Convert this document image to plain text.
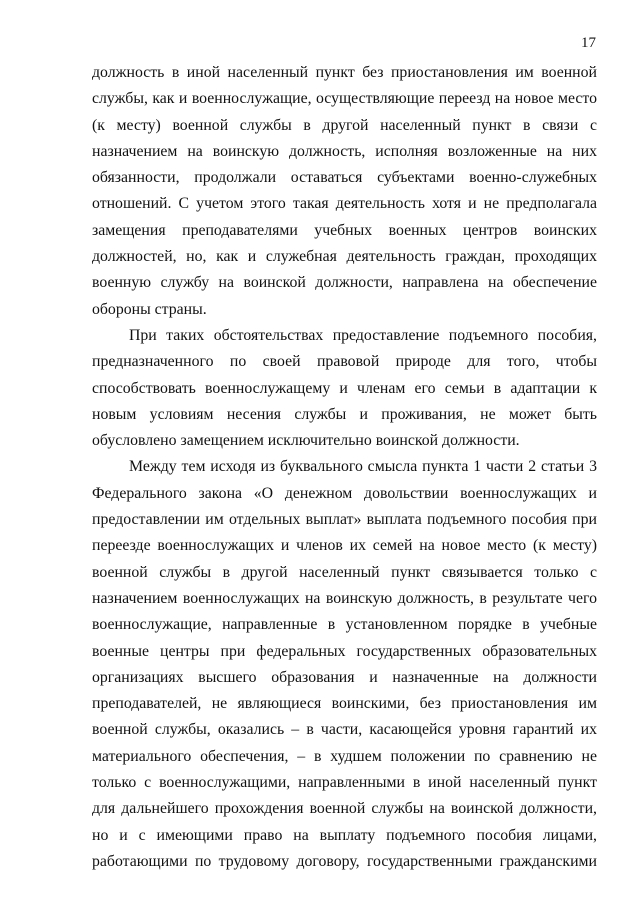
17
должность в иной населенный пункт без приостановления им военной
службы, как и военнослужащие, осуществляющие переезд на новое место
(к месту) военной службы в другой населенный пункт в связи с
назначением на воинскую должность, исполняя возложенные на них
обязанности, продолжали оставаться субъектами военно-служебных
отношений. С учетом этого такая деятельность хотя и не предполагала
замещения преподавателями учебных военных центров воинских
должностей, но, как и служебная деятельность граждан, проходящих
военную службу на воинской должности, направлена на обеспечение
обороны страны.
При таких обстоятельствах предоставление подъемного пособия,
предназначенного по своей правовой природе для того, чтобы
способствовать военнослужащему и членам его семьи в адаптации к
новым условиям несения службы и проживания, не может быть
обусловлено замещением исключительно воинской должности.
Между тем исходя из буквального смысла пункта 1 части 2 статьи 3
Федерального закона «О денежном довольствии военнослужащих и
предоставлении им отдельных выплат» выплата подъемного пособия при
переезде военнослужащих и членов их семей на новое место (к месту)
военной службы в другой населенный пункт связывается только с
назначением военнослужащих на воинскую должность, в результате чего
военнослужащие, направленные в установленном порядке в учебные
военные центры при федеральных государственных образовательных
организациях высшего образования и назначенные на должности
преподавателей, не являющиеся воинскими, без приостановления им
военной службы, оказались – в части, касающейся уровня гарантий их
материального обеспечения, – в худшем положении по сравнению не
только с военнослужащими, направленными в иной населенный пункт
для дальнейшего прохождения военной службы на воинской должности,
но и с имеющими право на выплату подъемного пособия лицами,
работающими по трудовому договору, государственными гражданскими
